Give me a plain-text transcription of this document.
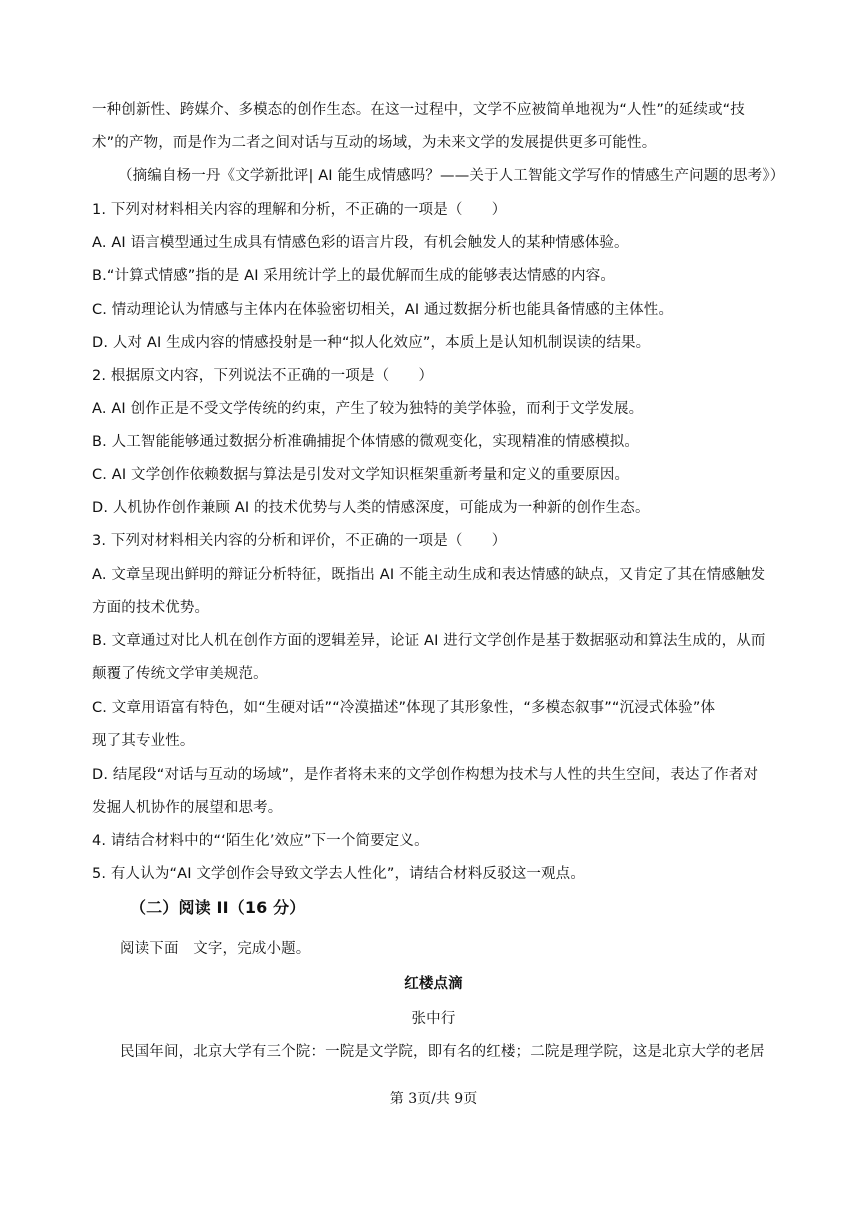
一种创新性、跨媒介、多模态的创作生态。在这一过程中，文学不应被简单地视为“人性”的延续或“技
术”的产物，而是作为二者之间对话与互动的场域，为未来文学的发展提供更多可能性。
（摘编自杨一丹《文学新批评| AI 能生成情感吗？——关于人工智能文学写作的情感生产问题的思考》）
1. 下列对材料相关内容的理解和分析，不正确的一项是（　　）
A. AI 语言模型通过生成具有情感色彩的语言片段，有机会触发人的某种情感体验。
B.“计算式情感”指的是 AI 采用统计学上的最优解而生成的能够表达情感的内容。
C. 情动理论认为情感与主体内在体验密切相关，AI 通过数据分析也能具备情感的主体性。
D. 人对 AI 生成内容的情感投射是一种“拟人化效应”，本质上是认知机制误读的结果。
2. 根据原文内容，下列说法不正确的一项是（　　）
A. AI 创作正是不受文学传统的约束，产生了较为独特的美学体验，而利于文学发展。
B. 人工智能能够通过数据分析准确捕捉个体情感的微观变化，实现精准的情感模拟。
C. AI 文学创作依赖数据与算法是引发对文学知识框架重新考量和定义的重要原因。
D. 人机协作创作兼顾 AI 的技术优势与人类的情感深度，可能成为一种新的创作生态。
3. 下列对材料相关内容的分析和评价，不正确的一项是（　　）
A. 文章呈现出鲜明的辩证分析特征，既指出 AI 不能主动生成和表达情感的缺点，又肯定了其在情感触发
方面的技术优势。
B. 文章通过对比人机在创作方面的逻辑差异，论证 AI 进行文学创作是基于数据驱动和算法生成的，从而
颠覆了传统文学审美规范。
C. 文章用语富有特色，如“生硬对话”“冷漠描述”体现了其形象性，“多模态叙事”“沉浸式体验”体
现了其专业性。
D. 结尾段“对话与互动的场域”，是作者将未来的文学创作构想为技术与人性的共生空间，表达了作者对
发掘人机协作的展望和思考。
4. 请结合材料中的“‘陌生化’效应”下一个简要定义。
5. 有人认为“AI 文学创作会导致文学去人性化”，请结合材料反驳这一观点。
（二）阅读 II（16 分）
阅读下面　文字，完成小题。
红楼点滴
张中行
民国年间，北京大学有三个院：一院是文学院，即有名的红楼；二院是理学院，这是北京大学的老居
第 3页/共 9页
